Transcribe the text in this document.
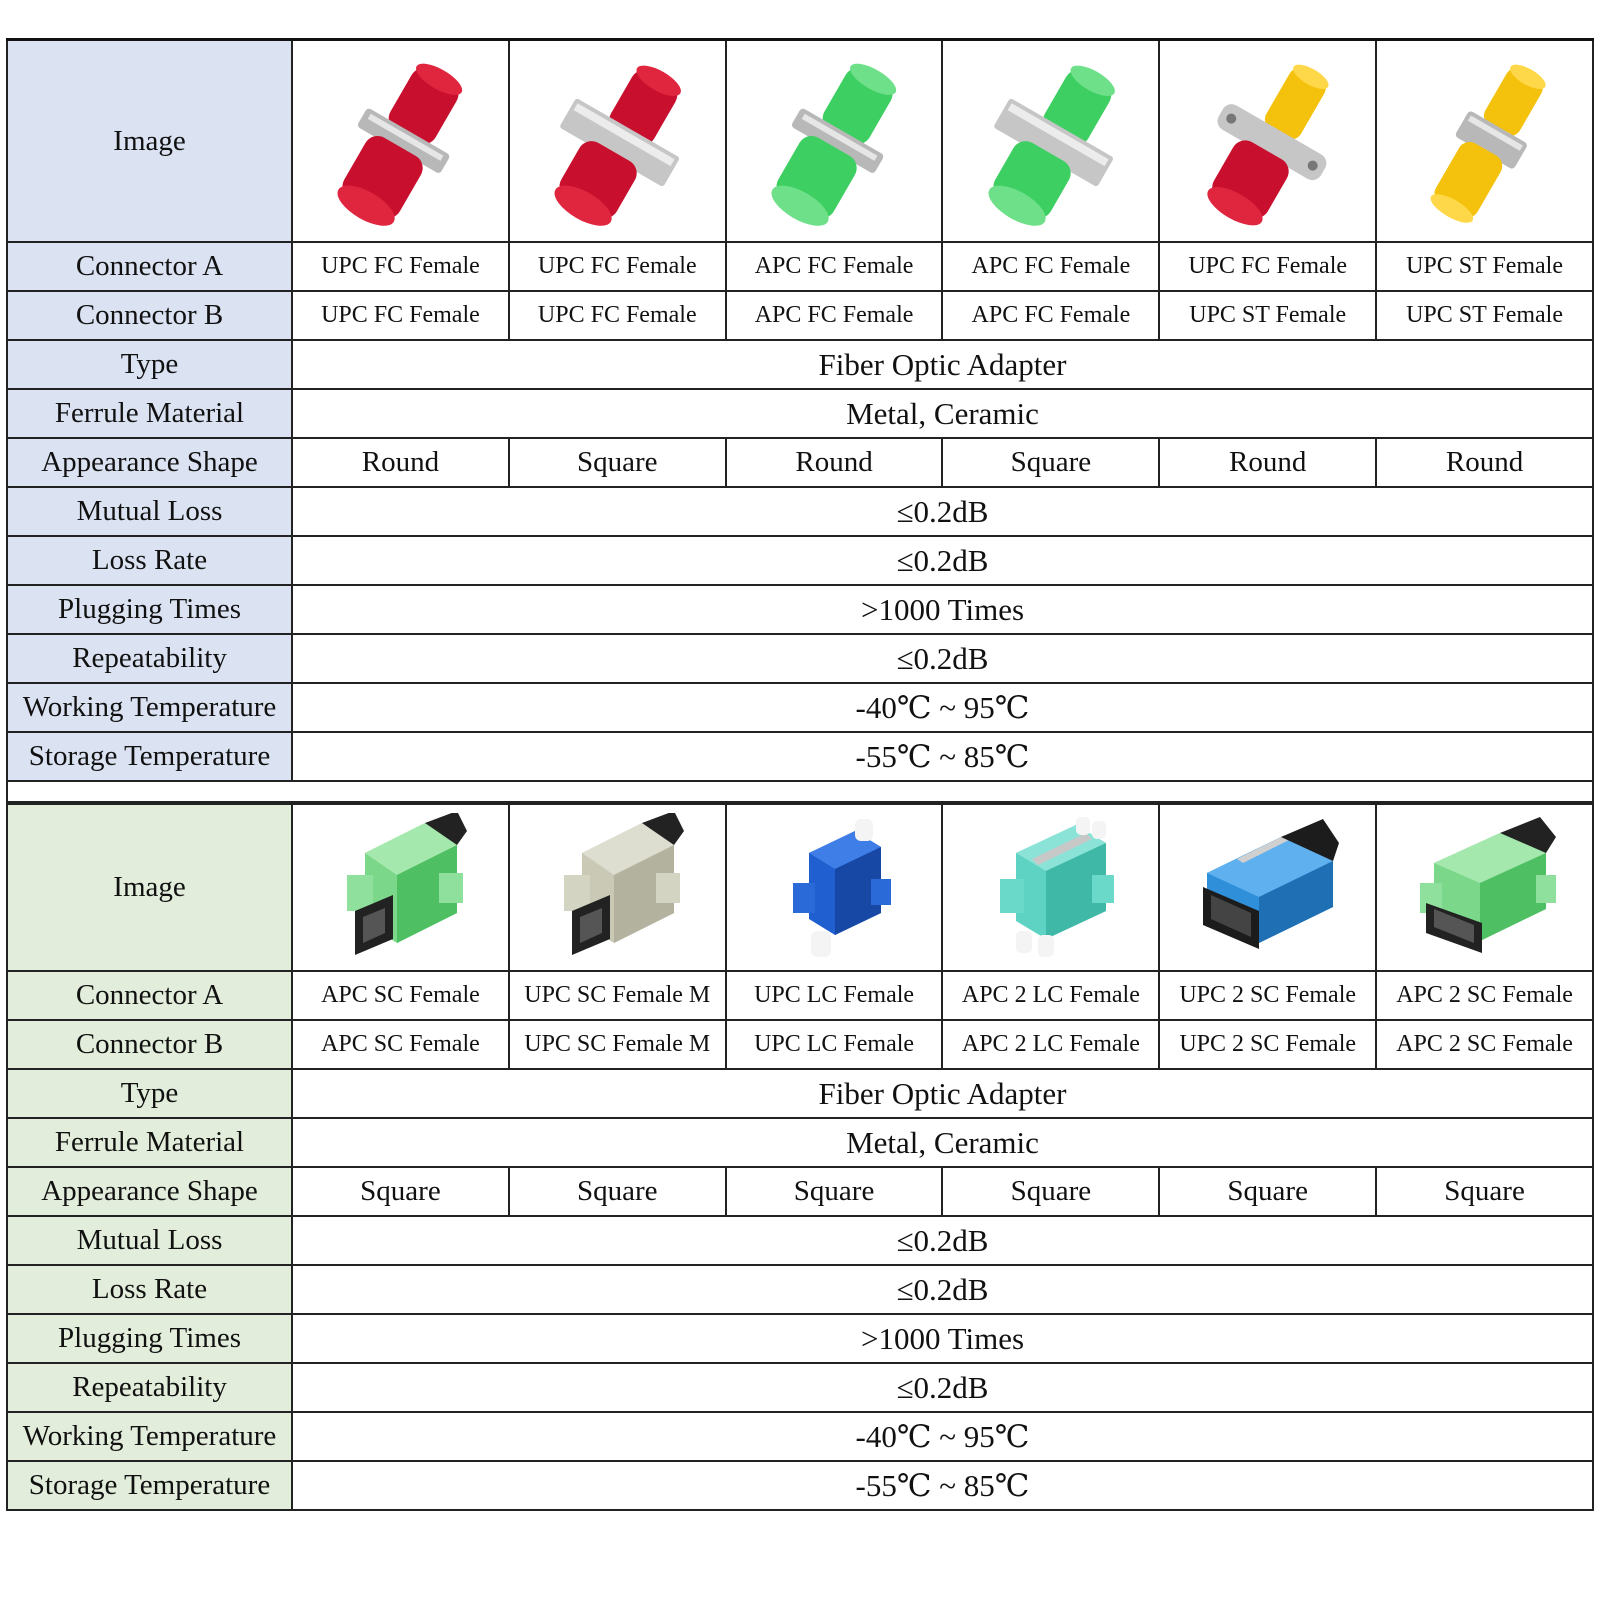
Image	

Connector A	UPC FC Female	UPC FC Female	APC FC Female	APC FC Female	UPC FC Female	UPC ST Female
Connector B	UPC FC Female	UPC FC Female	APC FC Female	APC FC Female	UPC ST Female	UPC ST Female
Type	Fiber Optic Adapter					
Ferrule Material	Metal, Ceramic					
Appearance Shape	Round	Square	Round	Square	Round	Round
Mutual Loss	≤0.2dB					
Loss Rate	≤0.2dB					
Plugging Times	>1000 Times					
Repeatability	≤0.2dB					
Working Temperature	-40℃ ~ 95℃					
Storage Temperature	-55℃ ~ 85℃					

Image	

Connector A	APC SC Female	UPC SC Female M	UPC LC Female	APC 2 LC Female	UPC 2 SC Female	APC 2 SC Female
Connector B	APC SC Female	UPC SC Female M	UPC LC Female	APC 2 LC Female	UPC 2 SC Female	APC 2 SC Female
Type	Fiber Optic Adapter					
Ferrule Material	Metal, Ceramic					
Appearance Shape	Square	Square	Square	Square	Square	Square
Mutual Loss	≤0.2dB					
Loss Rate	≤0.2dB					
Plugging Times	>1000 Times					
Repeatability	≤0.2dB					
Working Temperature	-40℃ ~ 95℃					
Storage Temperature	-55℃ ~ 85℃					
